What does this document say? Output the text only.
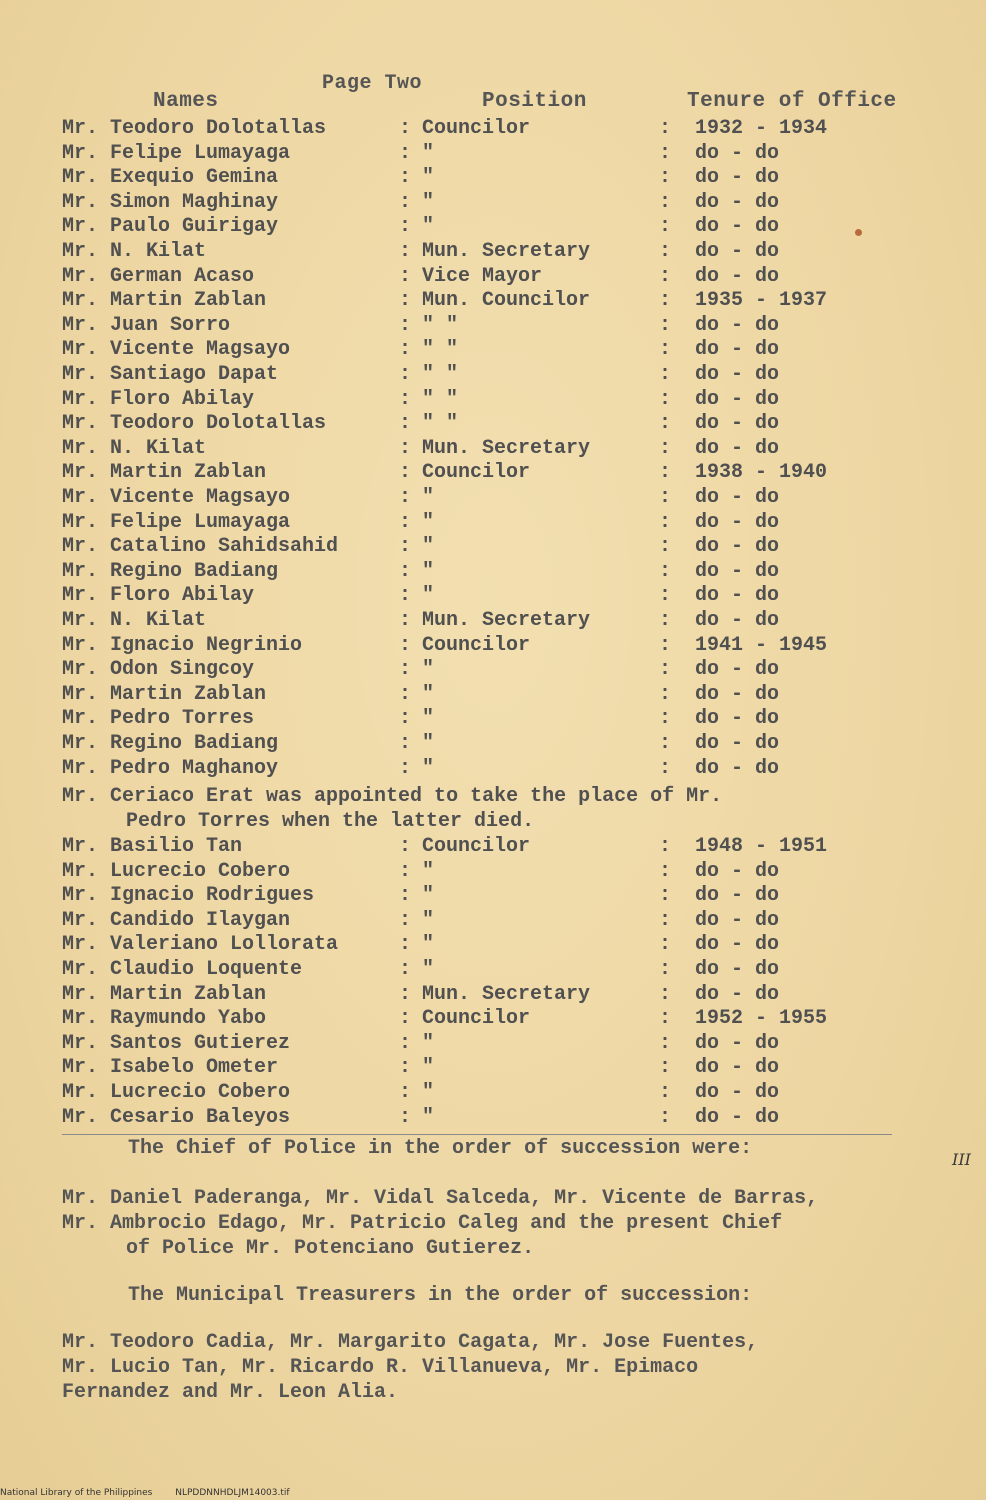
Page Two
Names	Position	Tenure of Office
Mr. Teodoro Dolotallas	: Councilor	: 1932 - 1934
Mr. Felipe Lumayaga	: "	: do - do
Mr. Exequio Gemina	: "	: do - do
Mr. Simon Maghinay	: "	: do - do
Mr. Paulo Guirigay	: "	: do - do
Mr. N. Kilat	: Mun. Secretary	: do - do
Mr. German Acaso	: Vice Mayor	: do - do
Mr. Martin Zablan	: Mun. Councilor	: 1935 - 1937
Mr. Juan Sorro	: " "	: do - do
Mr. Vicente Magsayo	: " "	: do - do
Mr. Santiago Dapat	: " "	: do - do
Mr. Floro Abilay	: " "	: do - do
Mr. Teodoro Dolotallas	: " "	: do - do
Mr. N. Kilat	: Mun. Secretary	: do - do
Mr. Martin Zablan	: Councilor	: 1938 - 1940
Mr. Vicente Magsayo	: "	: do - do
Mr. Felipe Lumayaga	: "	: do - do
Mr. Catalino Sahidsahid	: "	: do - do
Mr. Regino Badiang	: "	: do - do
Mr. Floro Abilay	: "	: do - do
Mr. N. Kilat	: Mun. Secretary	: do - do
Mr. Ignacio Negrinio	: Councilor	: 1941 - 1945
Mr. Odon Singcoy	: "	: do - do
Mr. Martin Zablan	: "	: do - do
Mr. Pedro Torres	: "	: do - do
Mr. Regino Badiang	: "	: do - do
Mr. Pedro Maghanoy	: "	: do - do
Mr. Ceriaco Erat was appointed to take the place of Mr.
Pedro Torres when the latter died.
Mr. Basilio Tan	: Councilor	: 1948 - 1951
Mr. Lucrecio Cobero	: "	: do - do
Mr. Ignacio Rodrigues	: "	: do - do
Mr. Candido Ilaygan	: "	: do - do
Mr. Valeriano Lollorata	: "	: do - do
Mr. Claudio Loquente	: "	: do - do
Mr. Martin Zablan	: Mun. Secretary	: do - do
Mr. Raymundo Yabo	: Councilor	: 1952 - 1955
Mr. Santos Gutierez	: "	: do - do
Mr. Isabelo Ometer	: "	: do - do
Mr. Lucrecio Cobero	: "	: do - do
Mr. Cesario Baleyos	: "	: do - do
The Chief of Police in the order of succession were:	III
Mr. Daniel Paderanga, Mr. Vidal Salceda, Mr. Vicente de Barras,
Mr. Ambrocio Edago, Mr. Patricio Caleg and the present Chief
of Police Mr. Potenciano Gutierez.
The Municipal Treasurers in the order of succession:
Mr. Teodoro Cadia, Mr. Margarito Cagata, Mr. Jose Fuentes,
Mr. Lucio Tan, Mr. Ricardo R. Villanueva, Mr. Epimaco
Fernandez and Mr. Leon Alia.
National Library of the Philippines	NLPDDNNHDLJM14003.tif
